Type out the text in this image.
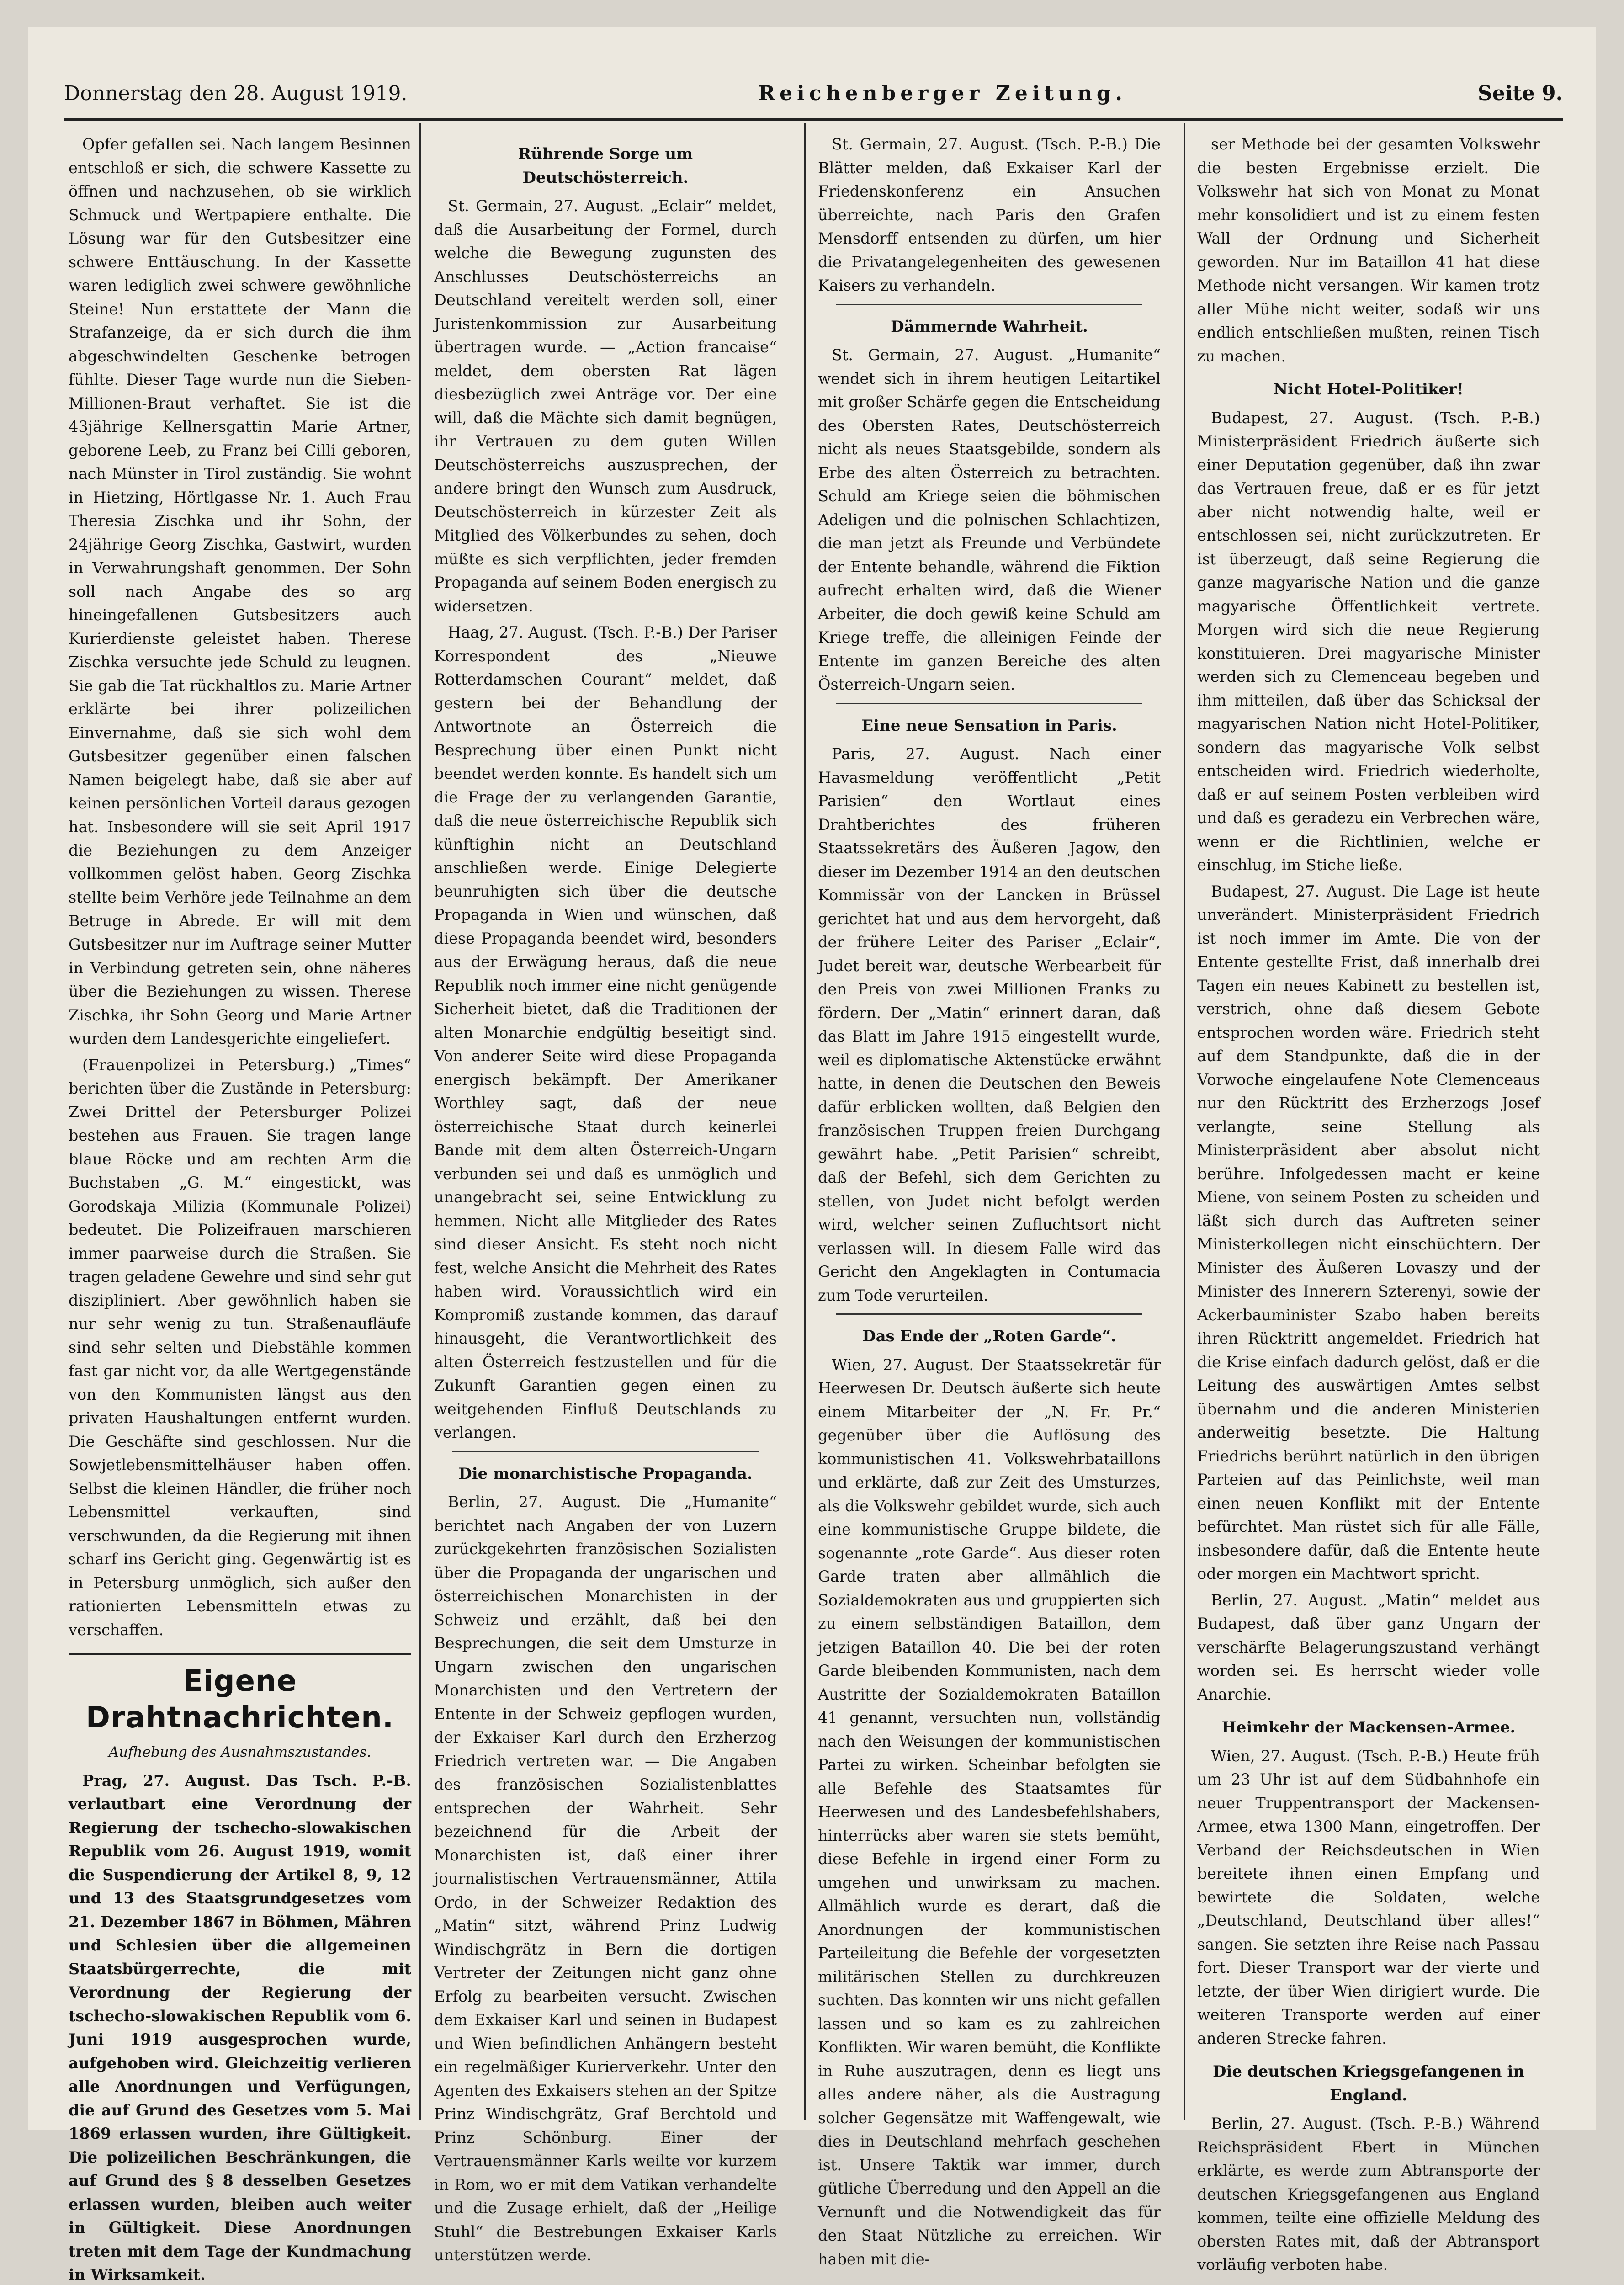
Donnerstag den 28. August 1919.	Reichenberger Zeitung.	Seite 9.

Opfer gefallen sei. Nach langem Besinnen entschloß er sich, die schwere Kassette zu öffnen und nachzusehen, ob sie wirklich Schmuck und Wertpapiere enthalte. Die Lösung war für den Gutsbesitzer eine schwere Enttäuschung. In der Kassette waren lediglich zwei schwere gewöhnliche Steine! Nun erstattete der Mann die Strafanzeige, da er sich durch die ihm abgeschwindelten Geschenke betrogen fühlte. Dieser Tage wurde nun die Sieben-Millionen-Braut verhaftet. Sie ist die 43jährige Kellnersgattin Marie Artner, geborene Leeb, zu Franz bei Cilli geboren, nach Münster in Tirol zuständig. Sie wohnt in Hietzing, Hörtlgasse Nr. 1. Auch Frau Theresia Zischka und ihr Sohn, der 24jährige Georg Zischka, Gastwirt, wurden in Verwahrungshaft genommen. Der Sohn soll nach Angabe des so arg hineingefallenen Gutsbesitzers auch Kurierdienste geleistet haben. Therese Zischka versuchte jede Schuld zu leugnen. Sie gab die Tat rückhaltlos zu. Marie Artner erklärte bei ihrer polizeilichen Einvernahme, daß sie sich wohl dem Gutsbesitzer gegenüber einen falschen Namen beigelegt habe, daß sie aber auf keinen persönlichen Vorteil daraus gezogen hat. Insbesondere will sie seit April 1917 die Beziehungen zu dem Anzeiger vollkommen gelöst haben. Georg Zischka stellte beim Verhöre jede Teilnahme an dem Betruge in Abrede. Er will mit dem Gutsbesitzer nur im Auftrage seiner Mutter in Verbindung getreten sein, ohne näheres über die Beziehungen zu wissen. Therese Zischka, ihr Sohn Georg und Marie Artner wurden dem Landesgerichte eingeliefert.

(Frauenpolizei in Petersburg.) „Times“ berichten über die Zustände in Petersburg: Zwei Drittel der Petersburger Polizei bestehen aus Frauen. Sie tragen lange blaue Röcke und am rechten Arm die Buchstaben „G. M.“ eingestickt, was Gorodskaja Milizia (Kommunale Polizei) bedeutet. Die Polizeifrauen marschieren immer paarweise durch die Straßen. Sie tragen geladene Gewehre und sind sehr gut diszipliniert. Aber gewöhnlich haben sie nur sehr wenig zu tun. Straßenaufläufe sind sehr selten und Diebstähle kommen fast gar nicht vor, da alle Wertgegenstände von den Kommunisten längst aus den privaten Haushaltungen entfernt wurden. Die Geschäfte sind geschlossen. Nur die Sowjetlebensmittelhäuser haben offen. Selbst die kleinen Händler, die früher noch Lebensmittel verkauften, sind verschwunden, da die Regierung mit ihnen scharf ins Gericht ging. Gegenwärtig ist es in Petersburg unmöglich, sich außer den rationierten Lebensmitteln etwas zu verschaffen.

Eigene Drahtnachrichten.
Aufhebung des Ausnahmszustandes.

Prag, 27. August. Das Tsch. P.-B. verlautbart eine Verordnung der Regierung der tschecho-slowakischen Republik vom 26. August 1919, womit die Suspendierung der Artikel 8, 9, 12 und 13 des Staatsgrundgesetzes vom 21. Dezember 1867 in Böhmen, Mähren und Schlesien über die allgemeinen Staatsbürgerrechte, die mit Verordnung der Regierung der tschecho-slowakischen Republik vom 6. Juni 1919 ausgesprochen wurde, aufgehoben wird. Gleichzeitig verlieren alle Anordnungen und Verfügungen, die auf Grund des Gesetzes vom 5. Mai 1869 erlassen wurden, ihre Gültigkeit. Die polizeilichen Beschränkungen, die auf Grund des § 8 desselben Gesetzes erlassen wurden, bleiben auch weiter in Gültigkeit. Diese Anordnungen treten mit dem Tage der Kundmachung in Wirksamkeit.

Rührende Sorge um Deutschösterreich.

St. Germain, 27. August. „Eclair“ meldet, daß die Ausarbeitung der Formel, durch welche die Bewegung zugunsten des Anschlusses Deutschösterreichs an Deutschland vereitelt werden soll, einer Juristenkommission zur Ausarbeitung übertragen wurde. — „Action francaise“ meldet, dem obersten Rat lägen diesbezüglich zwei Anträge vor. Der eine will, daß die Mächte sich damit begnügen, ihr Vertrauen zu dem guten Willen Deutschösterreichs auszusprechen, der andere bringt den Wunsch zum Ausdruck, Deutschösterreich in kürzester Zeit als Mitglied des Völkerbundes zu sehen, doch müßte es sich verpflichten, jeder fremden Propaganda auf seinem Boden energisch zu widersetzen.

Haag, 27. August. (Tsch. P.-B.) Der Pariser Korrespondent des „Nieuwe Rotterdamschen Courant“ meldet, daß gestern bei der Behandlung der Antwortnote an Österreich die Besprechung über einen Punkt nicht beendet werden konnte. Es handelt sich um die Frage der zu verlangenden Garantie, daß die neue österreichische Republik sich künftighin nicht an Deutschland anschließen werde. Einige Delegierte beunruhigten sich über die deutsche Propaganda in Wien und wünschen, daß diese Propaganda beendet wird, besonders aus der Erwägung heraus, daß die neue Republik noch immer eine nicht genügende Sicherheit bietet, daß die Traditionen der alten Monarchie endgültig beseitigt sind. Von anderer Seite wird diese Propaganda energisch bekämpft. Der Amerikaner Worthley sagt, daß der neue österreichische Staat durch keinerlei Bande mit dem alten Österreich-Ungarn verbunden sei und daß es unmöglich und unangebracht sei, seine Entwicklung zu hemmen. Nicht alle Mitglieder des Rates sind dieser Ansicht. Es steht noch nicht fest, welche Ansicht die Mehrheit des Rates haben wird. Voraussichtlich wird ein Kompromiß zustande kommen, das darauf hinausgeht, die Verantwortlichkeit des alten Österreich festzustellen und für die Zukunft Garantien gegen einen zu weitgehenden Einfluß Deutschlands zu verlangen.

Die monarchistische Propaganda.

Berlin, 27. August. Die „Humanite“ berichtet nach Angaben der von Luzern zurückgekehrten französischen Sozialisten über die Propaganda der ungarischen und österreichischen Monarchisten in der Schweiz und erzählt, daß bei den Besprechungen, die seit dem Umsturze in Ungarn zwischen den ungarischen Monarchisten und den Vertretern der Entente in der Schweiz gepflogen wurden, der Exkaiser Karl durch den Erzherzog Friedrich vertreten war. — Die Angaben des französischen Sozialistenblattes entsprechen der Wahrheit. Sehr bezeichnend für die Arbeit der Monarchisten ist, daß einer ihrer journalistischen Vertrauensmänner, Attila Ordo, in der Schweizer Redaktion des „Matin“ sitzt, während Prinz Ludwig Windischgrätz in Bern die dortigen Vertreter der Zeitungen nicht ganz ohne Erfolg zu bearbeiten versucht. Zwischen dem Exkaiser Karl und seinen in Budapest und Wien befindlichen Anhängern besteht ein regelmäßiger Kurierverkehr. Unter den Agenten des Exkaisers stehen an der Spitze Prinz Windischgrätz, Graf Berchtold und Prinz Schönburg. Einer der Vertrauensmänner Karls weilte vor kurzem in Rom, wo er mit dem Vatikan verhandelte und die Zusage erhielt, daß der „Heilige Stuhl“ die Bestrebungen Exkaiser Karls unterstützen werde.

St. Germain, 27. August. (Tsch. P.-B.) Die Blätter melden, daß Exkaiser Karl der Friedenskonferenz ein Ansuchen überreichte, nach Paris den Grafen Mensdorff entsenden zu dürfen, um hier die Privatangelegenheiten des gewesenen Kaisers zu verhandeln.

Dämmernde Wahrheit.

St. Germain, 27. August. „Humanite“ wendet sich in ihrem heutigen Leitartikel mit großer Schärfe gegen die Entscheidung des Obersten Rates, Deutschösterreich nicht als neues Staatsgebilde, sondern als Erbe des alten Österreich zu betrachten. Schuld am Kriege seien die böhmischen Adeligen und die polnischen Schlachtizen, die man jetzt als Freunde und Verbündete der Entente behandle, während die Fiktion aufrecht erhalten wird, daß die Wiener Arbeiter, die doch gewiß keine Schuld am Kriege treffe, die alleinigen Feinde der Entente im ganzen Bereiche des alten Österreich-Ungarn seien.

Eine neue Sensation in Paris.

Paris, 27. August. Nach einer Havasmeldung veröffentlicht „Petit Parisien“ den Wortlaut eines Drahtberichtes des früheren Staatssekretärs des Äußeren Jagow, den dieser im Dezember 1914 an den deutschen Kommissär von der Lancken in Brüssel gerichtet hat und aus dem hervorgeht, daß der frühere Leiter des Pariser „Eclair“, Judet bereit war, deutsche Werbearbeit für den Preis von zwei Millionen Franks zu fördern. Der „Matin“ erinnert daran, daß das Blatt im Jahre 1915 eingestellt wurde, weil es diplomatische Aktenstücke erwähnt hatte, in denen die Deutschen den Beweis dafür erblicken wollten, daß Belgien den französischen Truppen freien Durchgang gewährt habe. „Petit Parisien“ schreibt, daß der Befehl, sich dem Gerichten zu stellen, von Judet nicht befolgt werden wird, welcher seinen Zufluchtsort nicht verlassen will. In diesem Falle wird das Gericht den Angeklagten in Contumacia zum Tode verurteilen.

Das Ende der „Roten Garde“.

Wien, 27. August. Der Staatssekretär für Heerwesen Dr. Deutsch äußerte sich heute einem Mitarbeiter der „N. Fr. Pr.“ gegenüber über die Auflösung des kommunistischen 41. Volkswehrbataillons und erklärte, daß zur Zeit des Umsturzes, als die Volkswehr gebildet wurde, sich auch eine kommunistische Gruppe bildete, die sogenannte „rote Garde“. Aus dieser roten Garde traten aber allmählich die Sozialdemokraten aus und gruppierten sich zu einem selbständigen Bataillon, dem jetzigen Bataillon 40. Die bei der roten Garde bleibenden Kommunisten, nach dem Austritte der Sozialdemokraten Bataillon 41 genannt, versuchten nun, vollständig nach den Weisungen der kommunistischen Partei zu wirken. Scheinbar befolgten sie alle Befehle des Staatsamtes für Heerwesen und des Landesbefehlshabers, hinterrücks aber waren sie stets bemüht, diese Befehle in irgend einer Form zu umgehen und unwirksam zu machen. Allmählich wurde es derart, daß die Anordnungen der kommunistischen Parteileitung die Befehle der vorgesetzten militärischen Stellen zu durchkreuzen suchten. Das konnten wir uns nicht gefallen lassen und so kam es zu zahlreichen Konflikten. Wir waren bemüht, die Konflikte in Ruhe auszutragen, denn es liegt uns alles andere näher, als die Austragung solcher Gegensätze mit Waffengewalt, wie dies in Deutschland mehrfach geschehen ist. Unsere Taktik war immer, durch gütliche Überredung und den Appell an die Vernunft und die Notwendigkeit das für den Staat Nützliche zu erreichen. Wir haben mit die-

ser Methode bei der gesamten Volkswehr die besten Ergebnisse erzielt. Die Volkswehr hat sich von Monat zu Monat mehr konsolidiert und ist zu einem festen Wall der Ordnung und Sicherheit geworden. Nur im Bataillon 41 hat diese Methode nicht versangen. Wir kamen trotz aller Mühe nicht weiter, sodaß wir uns endlich entschließen mußten, reinen Tisch zu machen.

Nicht Hotel-Politiker!

Budapest, 27. August. (Tsch. P.-B.) Ministerpräsident Friedrich äußerte sich einer Deputation gegenüber, daß ihn zwar das Vertrauen freue, daß er es für jetzt aber nicht notwendig halte, weil er entschlossen sei, nicht zurückzutreten. Er ist überzeugt, daß seine Regierung die ganze magyarische Nation und die ganze magyarische Öffentlichkeit vertrete. Morgen wird sich die neue Regierung konstituieren. Drei magyarische Minister werden sich zu Clemenceau begeben und ihm mitteilen, daß über das Schicksal der magyarischen Nation nicht Hotel-Politiker, sondern das magyarische Volk selbst entscheiden wird. Friedrich wiederholte, daß er auf seinem Posten verbleiben wird und daß es geradezu ein Verbrechen wäre, wenn er die Richtlinien, welche er einschlug, im Stiche ließe.

Budapest, 27. August. Die Lage ist heute unverändert. Ministerpräsident Friedrich ist noch immer im Amte. Die von der Entente gestellte Frist, daß innerhalb drei Tagen ein neues Kabinett zu bestellen ist, verstrich, ohne daß diesem Gebote entsprochen worden wäre. Friedrich steht auf dem Standpunkte, daß die in der Vorwoche eingelaufene Note Clemenceaus nur den Rücktritt des Erzherzogs Josef verlangte, seine Stellung als Ministerpräsident aber absolut nicht berühre. Infolgedessen macht er keine Miene, von seinem Posten zu scheiden und läßt sich durch das Auftreten seiner Ministerkollegen nicht einschüchtern. Der Minister des Äußeren Lovaszy und der Minister des Innerern Szterenyi, sowie der Ackerbauminister Szabo haben bereits ihren Rücktritt angemeldet. Friedrich hat die Krise einfach dadurch gelöst, daß er die Leitung des auswärtigen Amtes selbst übernahm und die anderen Ministerien anderweitig besetzte. Die Haltung Friedrichs berührt natürlich in den übrigen Parteien auf das Peinlichste, weil man einen neuen Konflikt mit der Entente befürchtet. Man rüstet sich für alle Fälle, insbesondere dafür, daß die Entente heute oder morgen ein Machtwort spricht.

Berlin, 27. August. „Matin“ meldet aus Budapest, daß über ganz Ungarn der verschärfte Belagerungszustand verhängt worden sei. Es herrscht wieder volle Anarchie.

Heimkehr der Mackensen-Armee.

Wien, 27. August. (Tsch. P.-B.) Heute früh um 23 Uhr ist auf dem Südbahnhofe ein neuer Truppentransport der Mackensen-Armee, etwa 1300 Mann, eingetroffen. Der Verband der Reichsdeutschen in Wien bereitete ihnen einen Empfang und bewirtete die Soldaten, welche „Deutschland, Deutschland über alles!“ sangen. Sie setzten ihre Reise nach Passau fort. Dieser Transport war der vierte und letzte, der über Wien dirigiert wurde. Die weiteren Transporte werden auf einer anderen Strecke fahren.

Die deutschen Kriegsgefangenen in England.

Berlin, 27. August. (Tsch. P.-B.) Während Reichspräsident Ebert in München erklärte, es werde zum Abtransporte der deutschen Kriegsgefangenen aus England kommen, teilte eine offizielle Meldung des obersten Rates mit, daß der Abtransport vorläufig verboten habe.
